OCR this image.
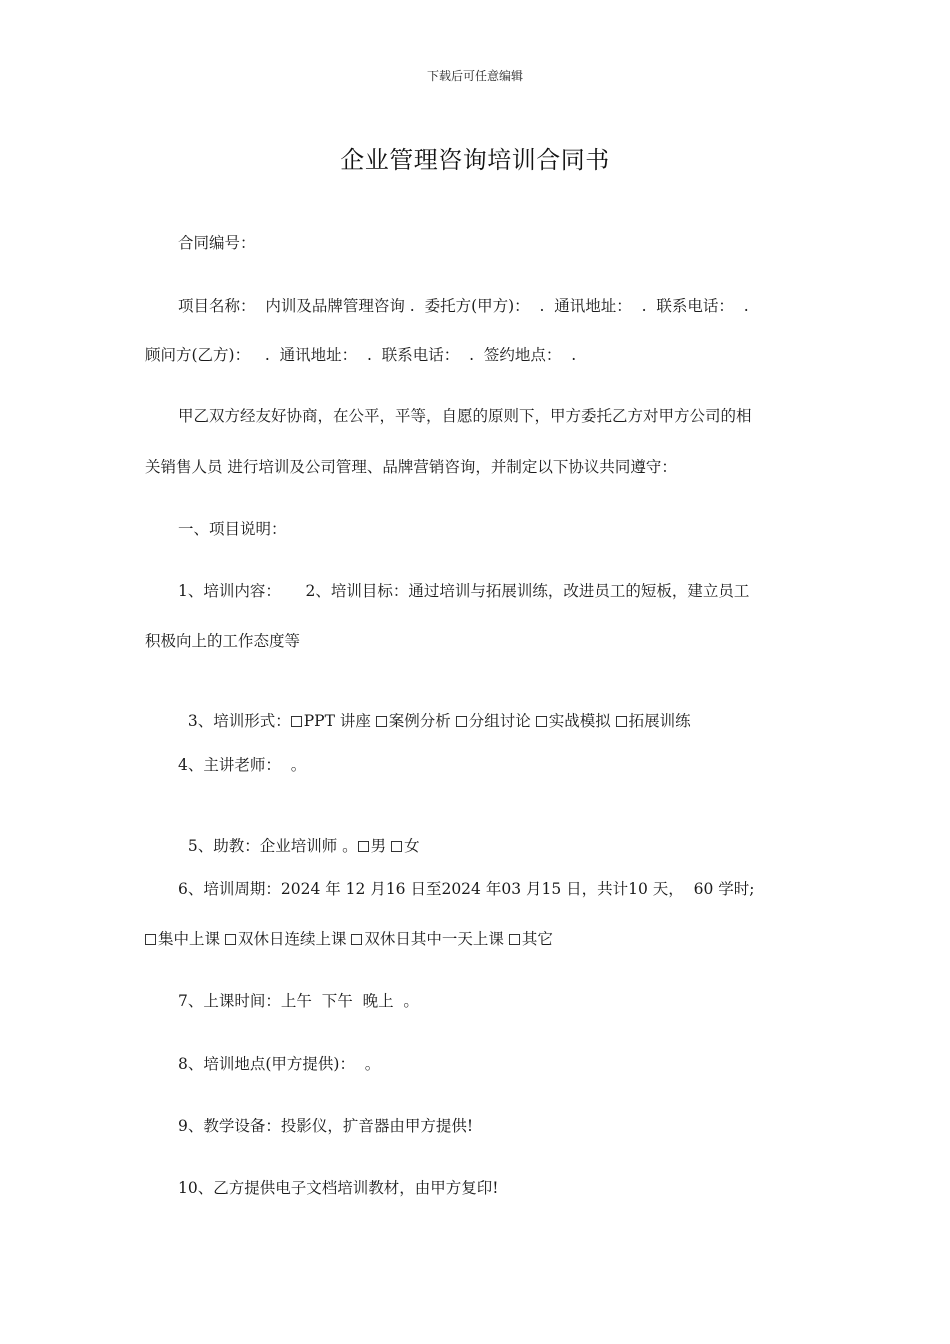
下载后可任意编辑
企业管理咨询培训合同书
合同编号：
项目名称：  内训及品牌管理咨询 .  委托方(甲方)：  .  通讯地址：  .  联系电话：  .
顾问方(乙方)：   .  通讯地址：  .  联系电话：  .  签约地点：  .
甲乙双方经友好协商，在公平，平等，自愿的原则下，甲方委托乙方对甲方公司的相
关销售人员 进行培训及公司管理、品牌营销咨询，并制定以下协议共同遵守：
一、项目说明：
1、培训内容：     2、培训目标：通过培训与拓展训练，改进员工的短板，建立员工
积极向上的工作态度等

3、培训形式： PPT 讲座 案例分析 分组讨论 实战模拟 拓展训练

4、主讲老师：  。

5、助教：企业培训师 。 男 女

6、培训周期：2024 年 12 月16 日至2024 年03 月15 日，共计10 天，  60 学时;
集中上课 双休日连续上课 双休日其中一天上课 其它
7、上课时间：上午  下午  晚上  。
8、培训地点(甲方提供)：  。
9、教学设备：投影仪，扩音器由甲方提供!
10、乙方提供电子文档培训教材，由甲方复印!
